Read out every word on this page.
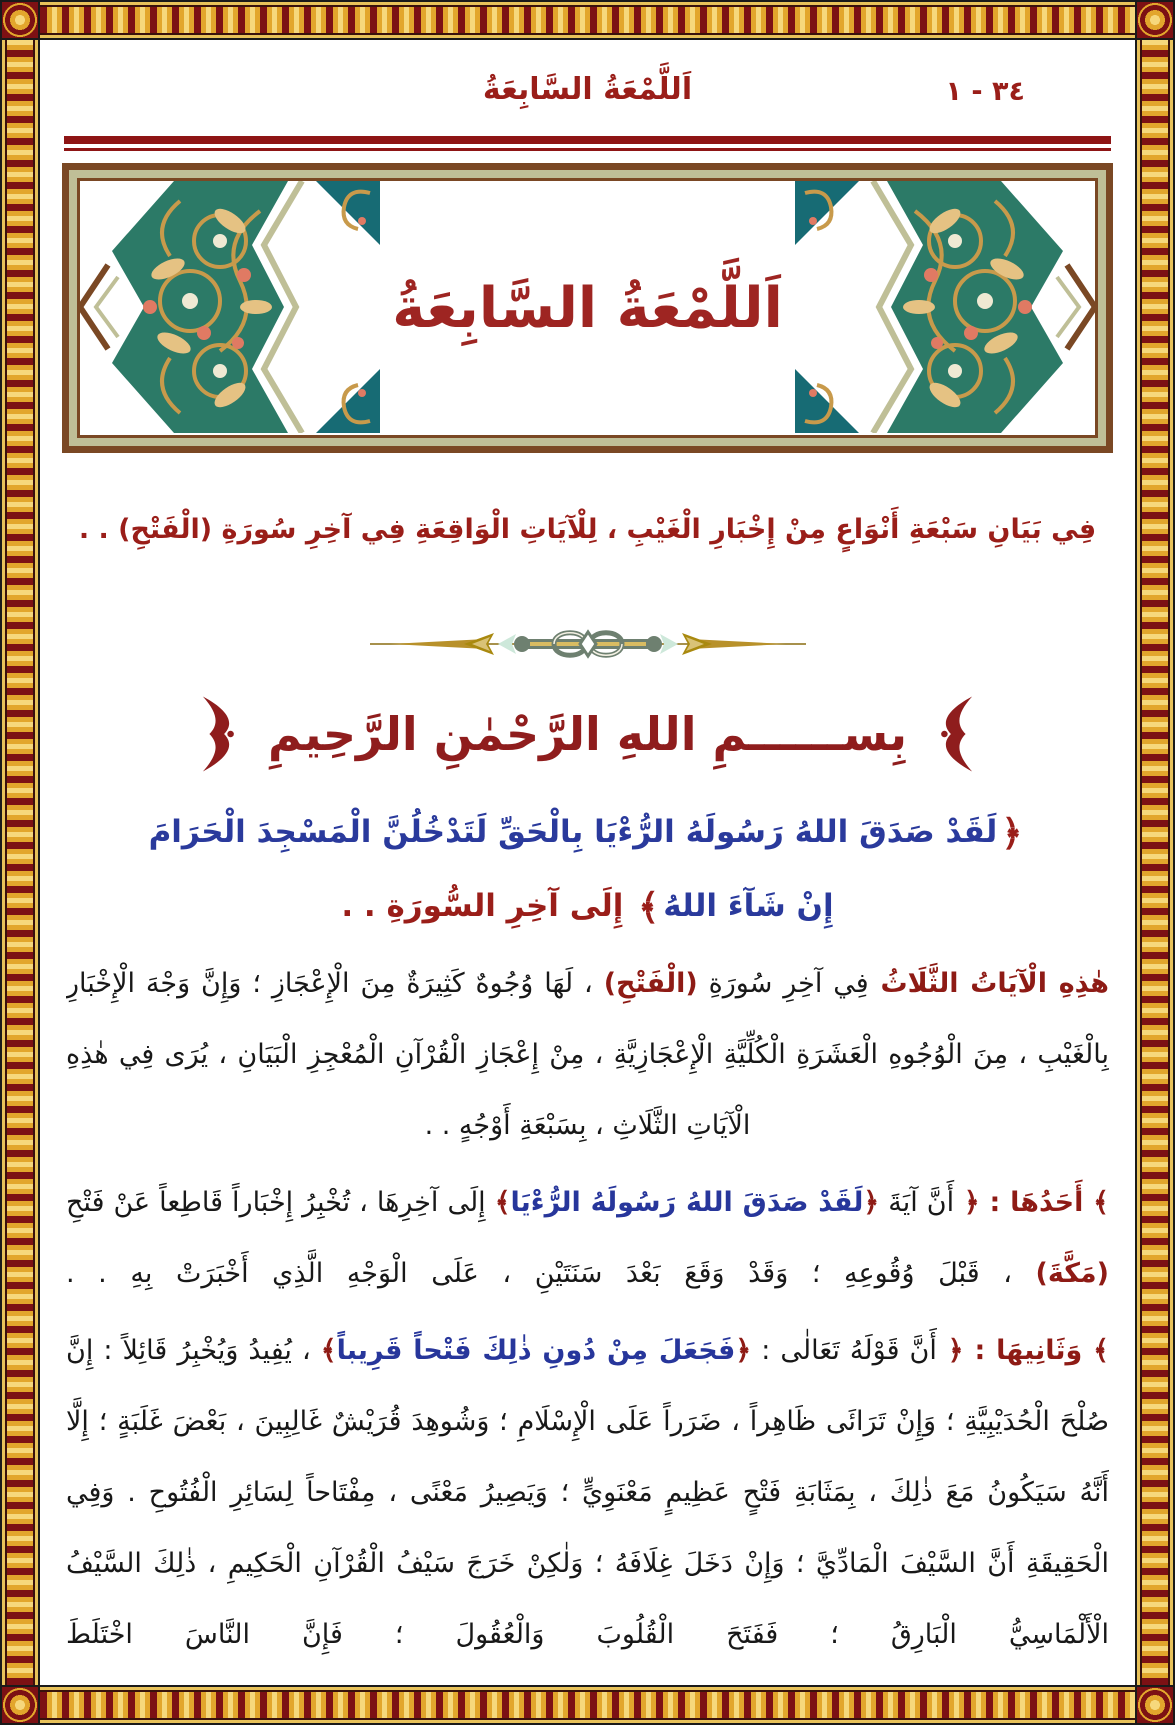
اَللَّمْعَةُ السَّابِعَةُ	٣٤ - ١
اَللَّمْعَةُ السَّابِعَةُ
فِي بَيَانِ سَبْعَةِ أَنْوَاعٍ مِنْ إِخْبَارِ الْغَيْبِ ، لِلْآيَاتِ الْوَاقِعَةِ فِي آخِرِ سُورَةِ (الْفَتْحِ) . .
بِســــــمِ اللهِ الرَّحْمٰنِ الرَّحِيمِ
﴿لَقَدْ صَدَقَ اللهُ رَسُولَهُ الرُّءْيَا بِالْحَقِّ لَتَدْخُلُنَّ الْمَسْجِدَ الْحَرَامَ
إِنْ شَآءَ اللهُ﴾ إِلَى آخِرِ السُّورَةِ . .

هٰذِهِ الْآيَاتُ الثَّلَاثُ فِي آخِرِ سُورَةِ (الْفَتْحِ) ، لَهَا وُجُوهٌ كَثِيرَةٌ مِنَ الْإِعْجَازِ ؛ وَإِنَّ وَجْهَ الْإِخْبَارِ بِالْغَيْبِ ، مِنَ الْوُجُوهِ الْعَشَرَةِ الْكُلِّيَّةِ الْإِعْجَازِيَّةِ ، مِنْ إِعْجَازِ الْقُرْآنِ الْمُعْجِزِ الْبَيَانِ ، يُرَى فِي هٰذِهِ الْآيَاتِ الثَّلَاثِ ، بِسَبْعَةِ أَوْجُهٍ . .

﴾ أَحَدُهَا : ﴿ أَنَّ آيَةَ ﴿لَقَدْ صَدَقَ اللهُ رَسُولَهُ الرُّءْيَا﴾ إِلَى آخِرِهَا ، تُخْبِرُ إِخْبَاراً قَاطِعاً عَنْ فَتْحِ (مَكَّةَ) ، قَبْلَ وُقُوعِهِ ؛ وَقَدْ وَقَعَ بَعْدَ سَنَتَيْنِ ، عَلَى الْوَجْهِ الَّذِي أَخْبَرَتْ بِهِ . .

﴾ وَثَانِيهَا : ﴿ أَنَّ قَوْلَهُ تَعَالٰى : ﴿فَجَعَلَ مِنْ دُونِ ذٰلِكَ فَتْحاً قَرِيباً﴾ ، يُفِيدُ وَيُخْبِرُ قَائِلاً : إِنَّ صُلْحَ الْحُدَيْبِيَّةِ ؛ وَإِنْ تَرَائَى ظَاهِراً ، ضَرَراً عَلَى الْإِسْلَامِ ؛ وَشُوهِدَ قُرَيْشٌ غَالِبِينَ ، بَعْضَ غَلَبَةٍ ؛ إِلَّا أَنَّهُ سَيَكُونُ مَعَ ذٰلِكَ ، بِمَثَابَةِ فَتْحٍ عَظِيمٍ مَعْنَوِيٍّ ؛ وَيَصِيرُ مَعْنًى ، مِفْتَاحاً لِسَائِرِ الْفُتُوحِ . وَفِي الْحَقِيقَةِ أَنَّ السَّيْفَ الْمَادِّيَّ ؛ وَإِنْ دَخَلَ غِلَافَهُ ؛ وَلٰكِنْ خَرَجَ سَيْفُ الْقُرْآنِ الْحَكِيمِ ، ذٰلِكَ السَّيْفُ الْأَلْمَاسِيُّ الْبَارِقُ ؛ فَفَتَحَ الْقُلُوبَ وَالْعُقُولَ ؛ فَإِنَّ النَّاسَ اخْتَلَطَ
